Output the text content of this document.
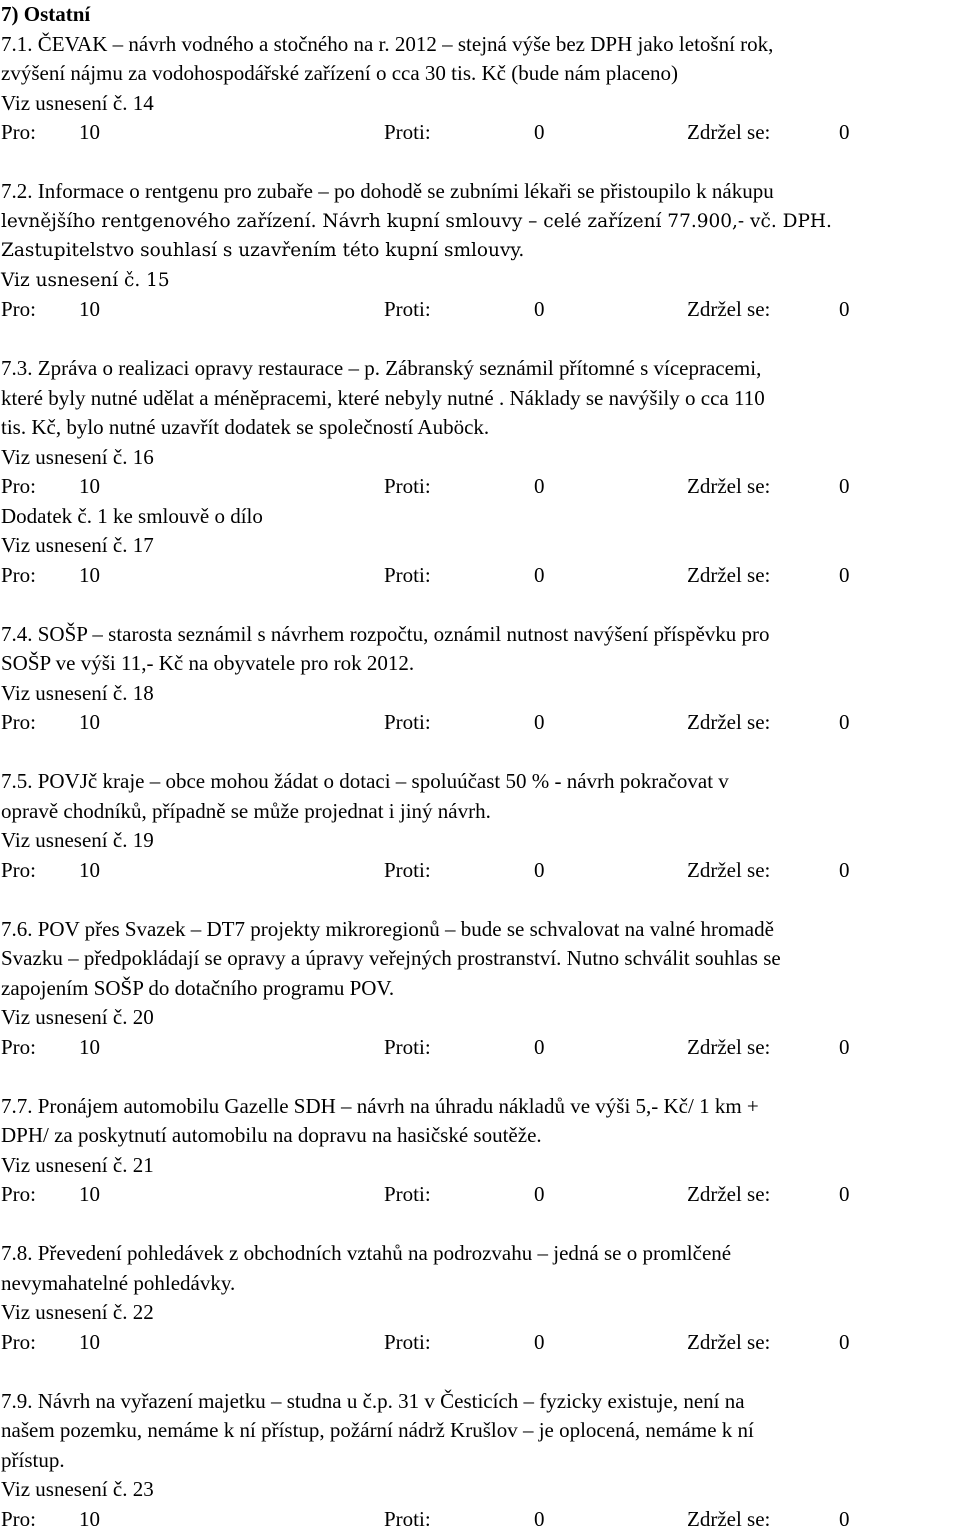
7) Ostatní
7.1. ČEVAK – návrh vodného a stočného na r. 2012 – stejná výše bez DPH jako letošní rok,
zvýšení nájmu za vodohospodářské zařízení o cca 30 tis. Kč (bude nám placeno)
Viz usnesení č. 14
Pro: 10	Proti:	0	Zdržel se:	0
7.2. Informace o rentgenu pro zubaře – po dohodě se zubními lékaři se přistoupilo k nákupu
levnějšího rentgenového zařízení. Návrh kupní smlouvy – celé zařízení 77.900,- vč. DPH.
Zastupitelstvo souhlasí s uzavřením této kupní smlouvy.
Viz usnesení č. 15
Pro: 10	Proti:	0	Zdržel se:	0
7.3. Zpráva o realizaci opravy restaurace – p. Zábranský seznámil přítomné s vícepracemi,
které byly nutné udělat a méněpracemi, které nebyly nutné . Náklady se navýšily o cca 110
tis. Kč, bylo nutné uzavřít dodatek se společností Auböck.
Viz usnesení č. 16
Pro: 10	Proti:	0	Zdržel se:	0
Dodatek č. 1 ke smlouvě o dílo
Viz usnesení č. 17
Pro: 10	Proti:	0	Zdržel se:	0
7.4. SOŠP – starosta seznámil s návrhem rozpočtu, oznámil nutnost navýšení příspěvku pro
SOŠP ve výši 11,- Kč na obyvatele pro rok 2012.
Viz usnesení č. 18
Pro: 10	Proti:	0	Zdržel se:	0
7.5. POVJč kraje – obce mohou žádat o dotaci – spoluúčast 50 % - návrh pokračovat v
opravě chodníků, případně se může projednat i jiný návrh.
Viz usnesení č. 19
Pro: 10	Proti:	0	Zdržel se:	0
7.6. POV přes Svazek – DT7 projekty mikroregionů – bude se schvalovat na valné hromadě
Svazku – předpokládají se opravy a úpravy veřejných prostranství. Nutno schválit souhlas se
zapojením SOŠP do dotačního programu POV.
Viz usnesení č. 20
Pro: 10	Proti:	0	Zdržel se:	0
7.7. Pronájem automobilu Gazelle SDH – návrh na úhradu nákladů ve výši 5,- Kč/ 1 km +
DPH/ za poskytnutí automobilu na dopravu na hasičské soutěže.
Viz usnesení č. 21
Pro: 10	Proti:	0	Zdržel se:	0
7.8. Převedení pohledávek z obchodních vztahů na podrozvahu – jedná se o promlčené
nevymahatelné pohledávky.
Viz usnesení č. 22
Pro: 10	Proti:	0	Zdržel se:	0
7.9. Návrh na vyřazení majetku – studna u č.p. 31 v Česticích – fyzicky existuje, není na
našem pozemku, nemáme k ní přístup, požární nádrž Krušlov – je oplocená, nemáme k ní
přístup.
Viz usnesení č. 23
Pro: 10	Proti:	0	Zdržel se:	0
